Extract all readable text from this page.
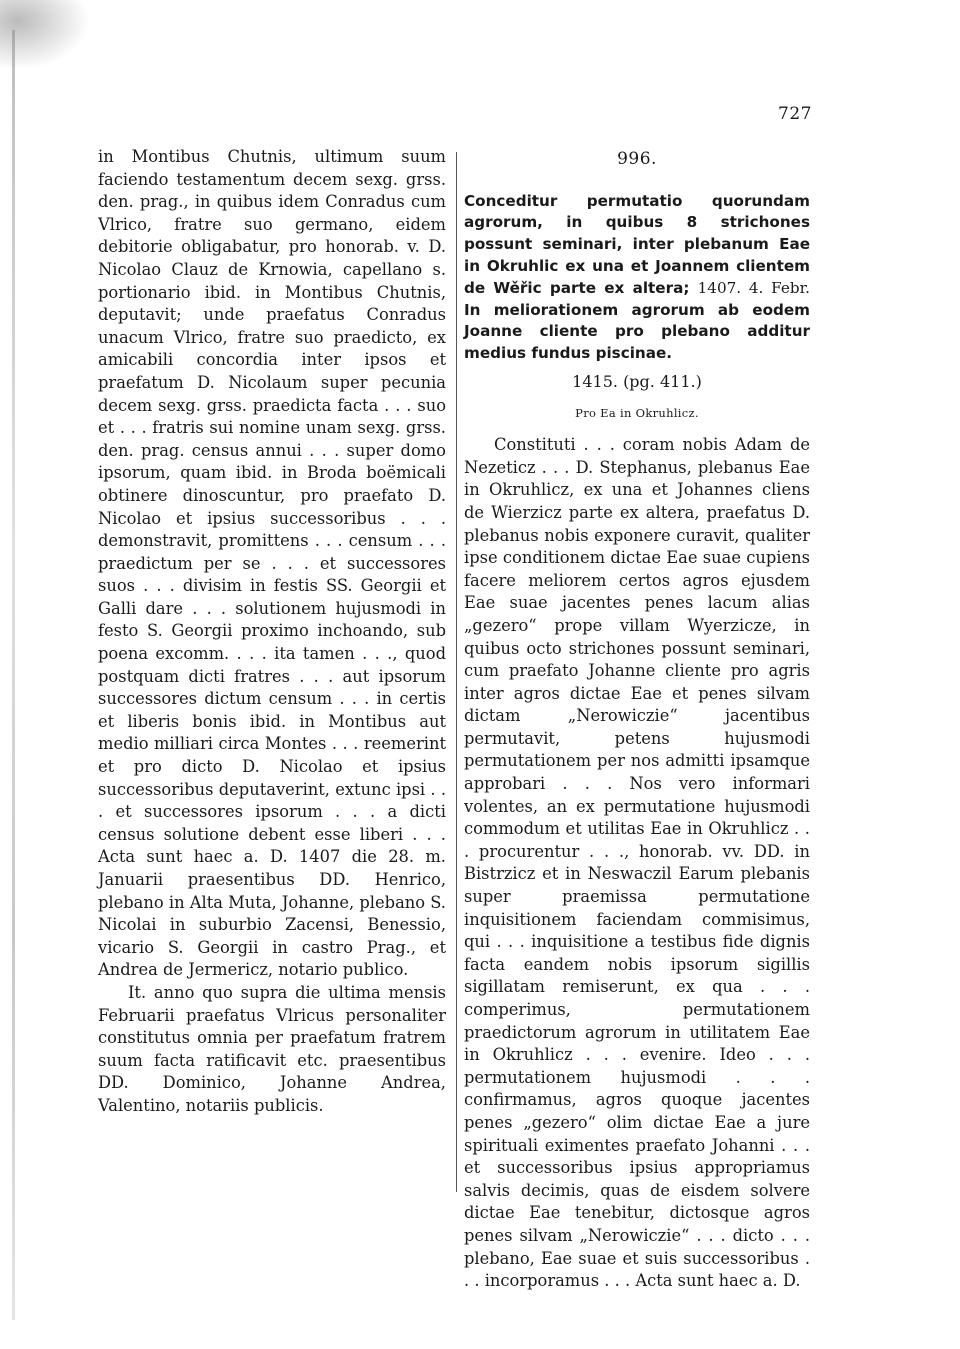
727

in Montibus Chutnis, ultimum suum faciendo testamentum decem sexg. grss. den. prag., in quibus idem Conradus cum Vlrico, fratre suo germano, eidem debitorie obligabatur, pro honorab. v. D. Nicolao Clauz de Krnowia, capellano s. portionario ibid. in Montibus Chutnis, deputavit; unde praefatus Conradus unacum Vlrico, fratre suo praedicto, ex amicabili concordia inter ipsos et praefatum D. Nicolaum super pecunia decem sexg. grss. praedicta facta . . . suo et . . . fratris sui nomine unam sexg. grss. den. prag. census annui . . . super domo ipsorum, quam ibid. in Broda boëmicali obtinere dinoscuntur, pro praefato D. Nicolao et ipsius successoribus . . . demonstravit, promittens . . . censum . . . praedictum per se . . . et successores suos . . . divisim in festis SS. Georgii et Galli dare . . . solutionem hujusmodi in festo S. Georgii proximo inchoando, sub poena excomm. . . . ita tamen . . ., quod postquam dicti fratres . . . aut ipsorum successores dictum censum . . . in certis et liberis bonis ibid. in Montibus aut medio milliari circa Montes . . . reemerint et pro dicto D. Nicolao et ipsius successoribus deputaverint, extunc ipsi . . . et successores ipsorum . . . a dicti census solutione debent esse liberi . . . Acta sunt haec a. D. 1407 die 28. m. Januarii praesentibus DD. Henrico, plebano in Alta Muta, Johanne, plebano S. Nicolai in suburbio Zacensi, Benessio, vicario S. Georgii in castro Prag., et Andrea de Jermericz, notario publico.

It. anno quo supra die ultima mensis Februarii praefatus Vlricus personaliter constitutus omnia per praefatum fratrem suum facta ratificavit etc. praesentibus DD. Dominico, Johanne Andrea, Valentino, notariis publicis.

996.
Conceditur permutatio quorundam agrorum, in quibus 8 strichones possunt seminari, inter plebanum Eae in Okruhlic ex una et Joannem clientem de Wěřic parte ex altera; 1407. 4. Febr. In meliorationem agrorum ab eodem Joanne cliente pro plebano additur medius fundus piscinae.
1415. (pg. 411.)
Pro Ea in Okruhlicz.

Constituti . . . coram nobis Adam de Nezeticz . . . D. Stephanus, plebanus Eae in Okruhlicz, ex una et Johannes cliens de Wierzicz parte ex altera, praefatus D. plebanus nobis exponere curavit, qualiter ipse conditionem dictae Eae suae cupiens facere meliorem certos agros ejusdem Eae suae jacentes penes lacum alias „gezero“ prope villam Wyerzicze, in quibus octo strichones possunt seminari, cum praefato Johanne cliente pro agris inter agros dictae Eae et penes silvam dictam „Nerowiczie“ jacentibus permutavit, petens hujusmodi permutationem per nos admitti ipsamque approbari . . . Nos vero informari volentes, an ex permutatione hujusmodi commodum et utilitas Eae in Okruhlicz . . . procurentur . . ., honorab. vv. DD. in Bistrzicz et in Neswaczil Earum plebanis super praemissa permutatione inquisitionem faciendam commisimus, qui . . . inquisitione a testibus fide dignis facta eandem nobis ipsorum sigillis sigillatam remiserunt, ex qua . . . comperimus, permutationem praedictorum agrorum in utilitatem Eae in Okruhlicz . . . evenire. Ideo . . . permutationem hujusmodi . . . confirmamus, agros quoque jacentes penes „gezero“ olim dictae Eae a jure spirituali eximentes praefato Johanni . . . et successoribus ipsius appropriamus salvis decimis, quas de eisdem solvere dictae Eae tenebitur, dictosque agros penes silvam „Nerowiczie“ . . . dicto . . . plebano, Eae suae et suis successoribus . . . incorporamus . . . Acta sunt haec a. D.
